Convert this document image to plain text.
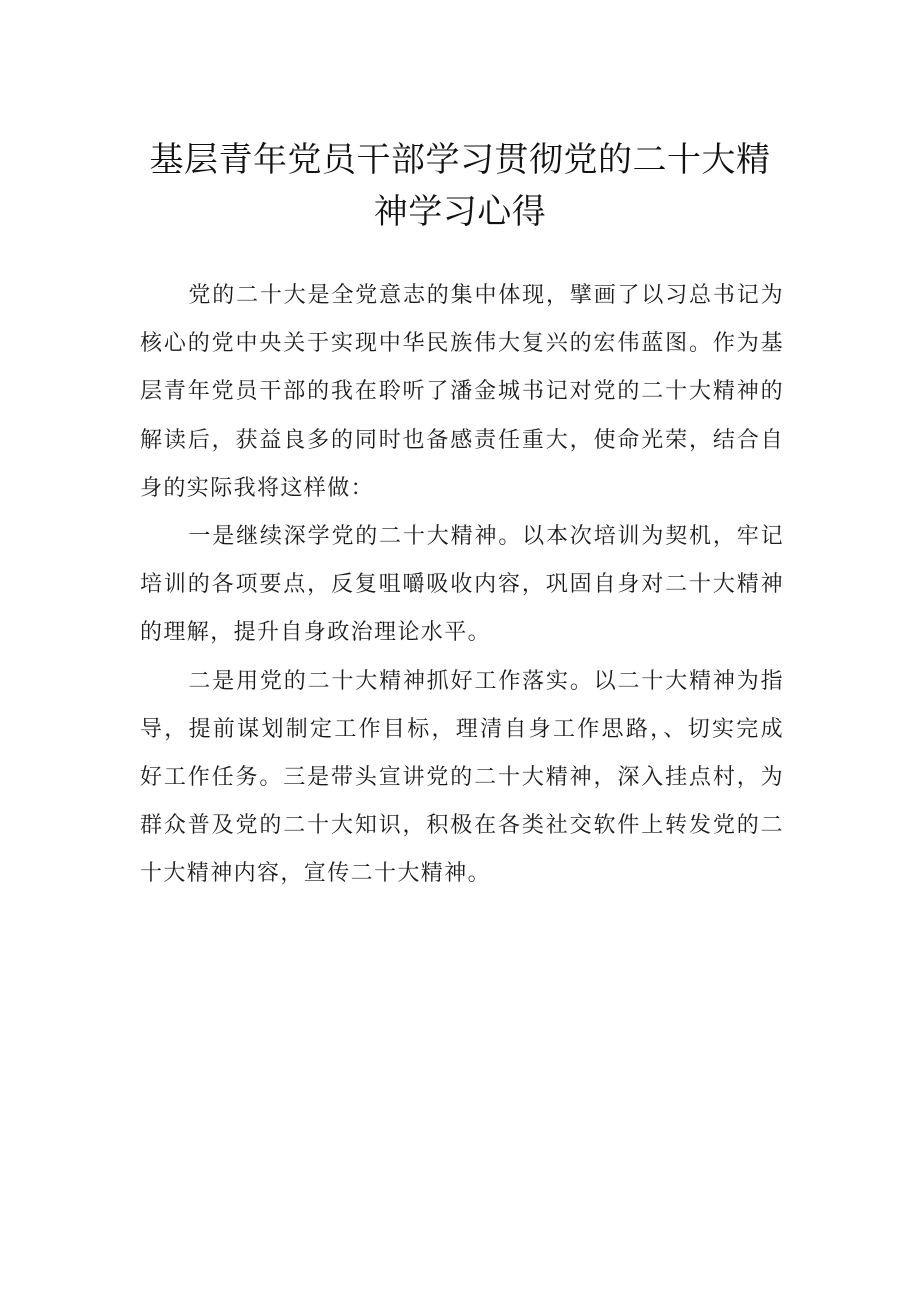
基层青年党员干部学习贯彻党的二十大精
神学习心得

党的二十大是全党意志的集中体现，擘画了以习总书记为核心的党中央关于实现中华民族伟大复兴的宏伟蓝图。作为基层青年党员干部的我在聆听了潘金城书记对党的二十大精神的解读后，获益良多的同时也备感责任重大，使命光荣，结合自身的实际我将这样做：

一是继续深学党的二十大精神。以本次培训为契机，牢记培训的各项要点，反复咀嚼吸收内容，巩固自身对二十大精神的理解，提升自身政治理论水平。

二是用党的二十大精神抓好工作落实。以二十大精神为指导，提前谋划制定工作目标，理清自身工作思路，、切实完成好工作任务。三是带头宣讲党的二十大精神，深入挂点村，为群众普及党的二十大知识，积极在各类社交软件上转发党的二十大精神内容，宣传二十大精神。
